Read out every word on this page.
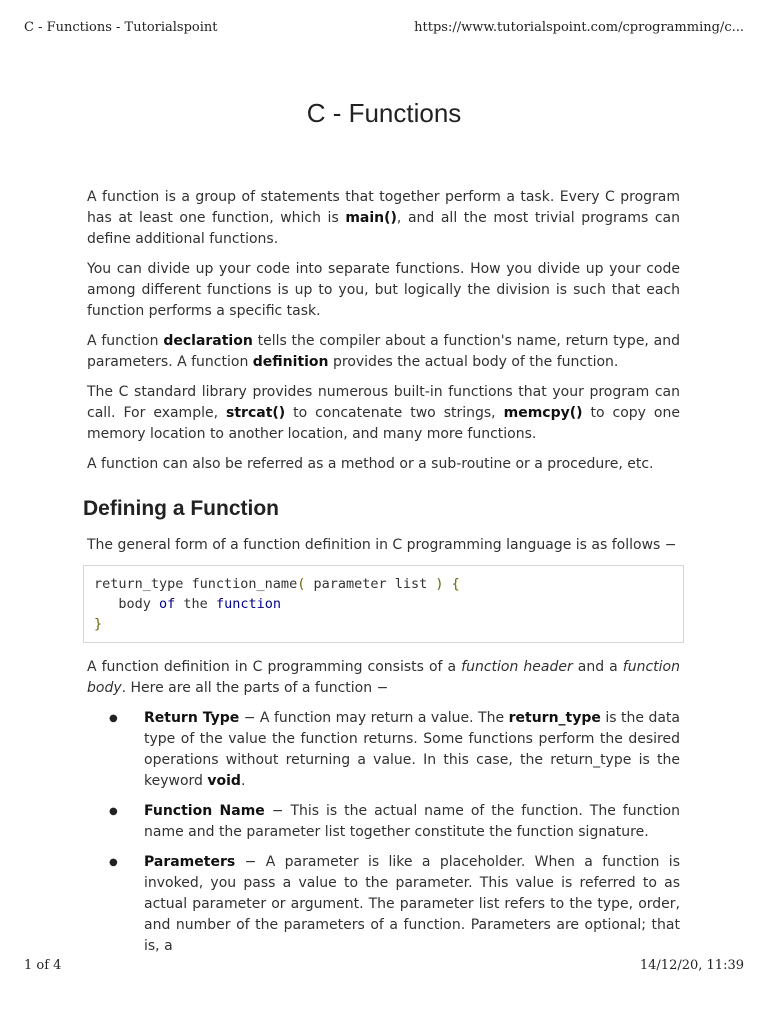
C - Functions - Tutorialspoint	https://www.tutorialspoint.com/cprogramming/c...
C - Functions

A function is a group of statements that together perform a task. Every C program has at least one function, which is main(), and all the most trivial programs can define additional functions.

You can divide up your code into separate functions. How you divide up your code among different functions is up to you, but logically the division is such that each function performs a specific task.

A function declaration tells the compiler about a function's name, return type, and parameters. A function definition provides the actual body of the function.

The C standard library provides numerous built-in functions that your program can call. For example, strcat() to concatenate two strings, memcpy() to copy one memory location to another location, and many more functions.

A function can also be referred as a method or a sub-routine or a procedure, etc.

Defining a Function

The general form of a function definition in C programming language is as follows −

return_type function_name( parameter list ) {
body of the function
}

A function definition in C programming consists of a function header and a function body. Here are all the parts of a function −

● Return Type − A function may return a value. The return_type is the data type of the value the function returns. Some functions perform the desired operations without returning a value. In this case, the return_type is the keyword void.
● Function Name − This is the actual name of the function. The function name and the parameter list together constitute the function signature.
● Parameters − A parameter is like a placeholder. When a function is invoked, you pass a value to the parameter. This value is referred to as actual parameter or argument. The parameter list refers to the type, order, and number of the parameters of a function. Parameters are optional; that is, a
1 of 4	14/12/20, 11:39
